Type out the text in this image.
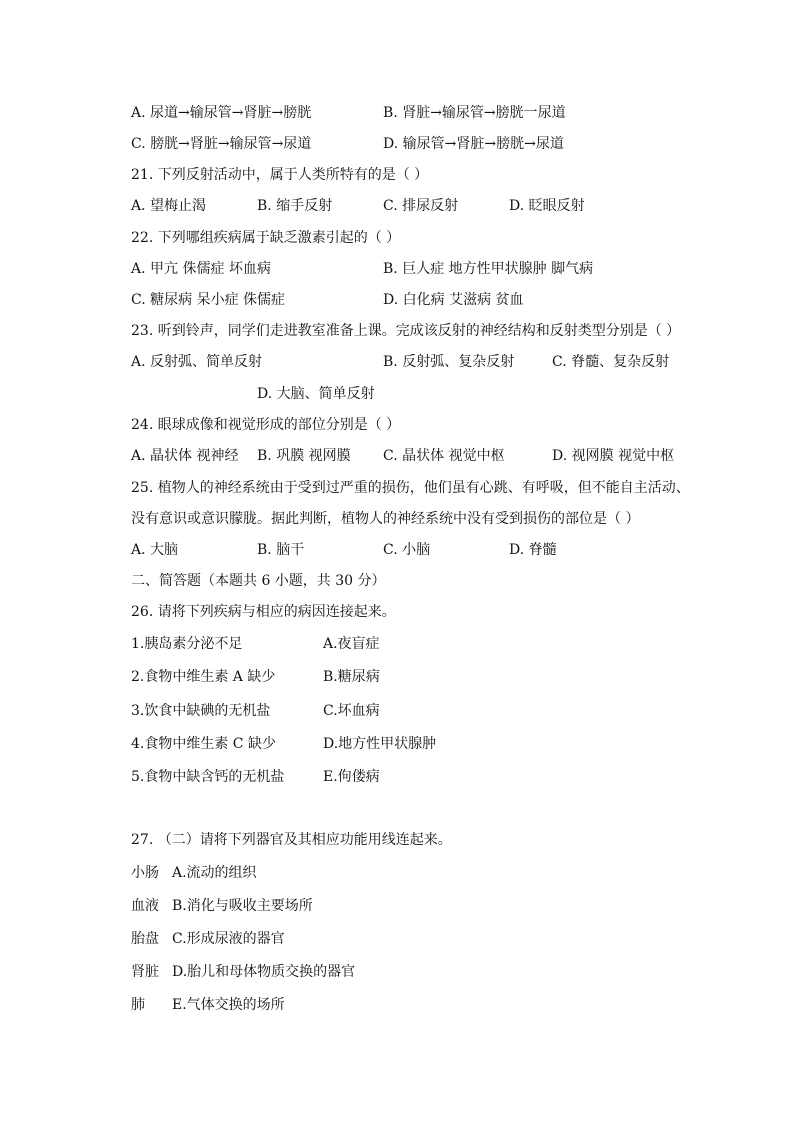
A. 尿道→输尿管→肾脏→膀胱	B. 肾脏→输尿管→膀胱一尿道
C. 膀胱→肾脏→输尿管→尿道	D. 输尿管→肾脏→膀胱→尿道
21. 下列反射活动中，属于人类所特有的是（ ）
A. 望梅止渴	B. 缩手反射	C. 排尿反射	D. 眨眼反射
22. 下列哪组疾病属于缺乏激素引起的（ ）
A. 甲亢 侏儒症 坏血病	B. 巨人症 地方性甲状腺肿 脚气病
C. 糖尿病 呆小症 侏儒症	D. 白化病 艾滋病 贫血
23. 听到铃声，同学们走进教室准备上课。完成该反射的神经结构和反射类型分别是（ ）
A. 反射弧、简单反射	B. 反射弧、复杂反射	C. 脊髓、复杂反射
D. 大脑、简单反射
24. 眼球成像和视觉形成的部位分别是（ ）
A. 晶状体 视神经 B. 巩膜 视网膜 C. 晶状体 视觉中枢	D. 视网膜 视觉中枢
25. 植物人的神经系统由于受到过严重的损伤，他们虽有心跳、有呼吸，但不能自主活动、
没有意识或意识朦胧。据此判断，植物人的神经系统中没有受到损伤的部位是（ ）
A. 大脑	B. 脑干	C. 小脑	D. 脊髓
二、简答题（本题共 6 小题，共 30 分）
26. 请将下列疾病与相应的病因连接起来。
1.胰岛素分泌不足	A.夜盲症
2.食物中维生素 A 缺少	B.糖尿病
3.饮食中缺碘的无机盐	C.坏血病
4.食物中维生素 C 缺少	D.地方性甲状腺肿
5.食物中缺含钙的无机盐	E.佝偻病
27. （二）请将下列器官及其相应功能用线连起来。
小肠 A.流动的组织
血液 B.消化与吸收主要场所
胎盘 C.形成尿液的器官
肾脏 D.胎儿和母体物质交换的器官
肺 E.气体交换的场所
